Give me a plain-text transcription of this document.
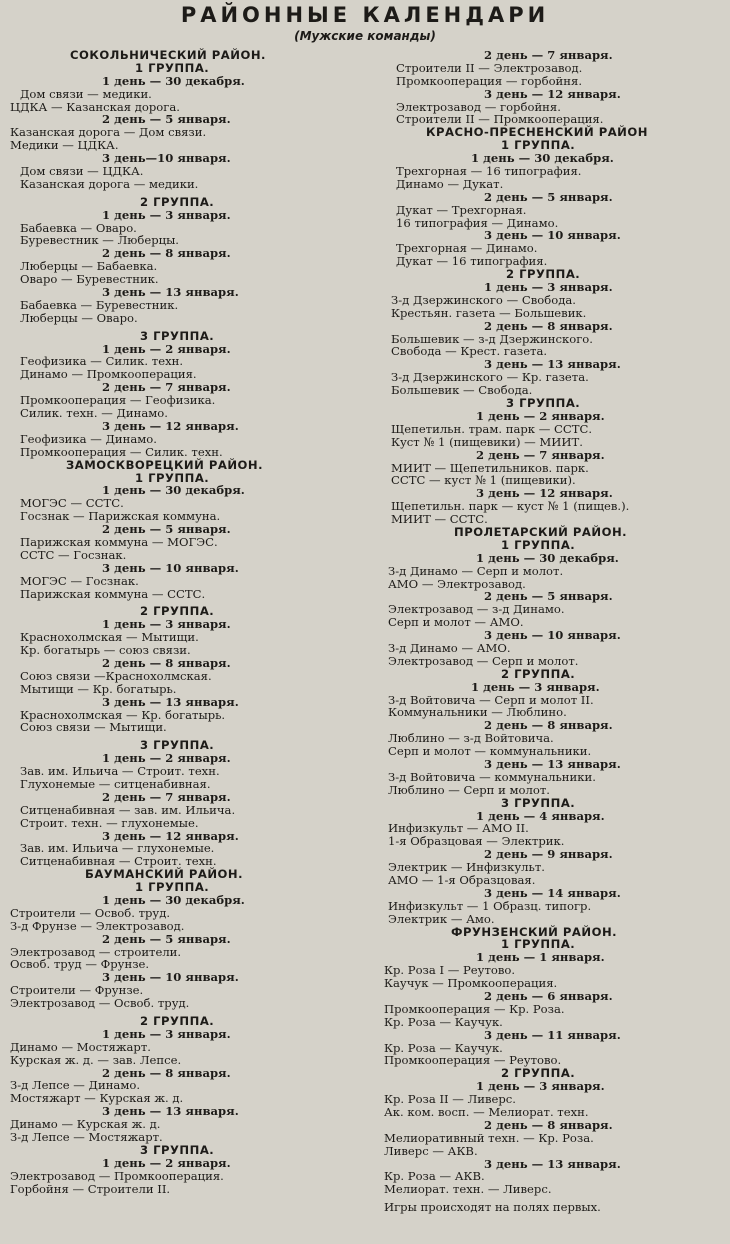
РАЙОННЫЕ КАЛЕНДАРИ
(Мужские команды)
СОКОЛЬНИЧЕСКИЙ РАЙОН.
1 ГРУППА.
1 день — 30 декабря.
Дом связи — медики.
ЦДКА — Казанская дорога.
2 день — 5 января.
Казанская дорога — Дом связи.
Медики — ЦДКА.
3 день—10 января.
Дом связи — ЦДКА.
Казанская дорога — медики.
2 ГРУППА.
1 день — 3 января.
Бабаевка — Оваро.
Буревестник — Люберцы.
2 день — 8 января.
Люберцы — Бабаевка.
Оваро — Буревестник.
3 день — 13 января.
Бабаевка — Буревестник.
Люберцы — Оваро.
3 ГРУППА.
1 день — 2 января.
Геофизика — Силик. техн.
Динамо — Промкооперация.
2 день — 7 января.
Промкооперация — Геофизика.
Силик. техн. — Динамо.
3 день — 12 января.
Геофизика — Динамо.
Промкооперация — Силик. техн.
ЗАМОСКВОРЕЦКИЙ РАЙОН.
1 ГРУППА.
1 день — 30 декабря.
МОГЭС — ССТС.
Госзнак — Парижская коммуна.
2 день — 5 января.
Парижская коммуна — МОГЭС.
ССТС — Госзнак.
3 день — 10 января.
МОГЭС — Госзнак.
Парижская коммуна — ССТС.
2 ГРУППА.
1 день — 3 января.
Краснохолмская — Мытищи.
Кр. богатырь — союз связи.
2 день — 8 января.
Союз связи —Краснохолмская.
Мытищи — Кр. богатырь.
3 день — 13 января.
Краснохолмская — Кр. богатырь.
Союз связи — Мытищи.
3 ГРУППА.
1 день — 2 января.
Зав. им. Ильича — Строит. техн.
Глухонемые — ситценабивная.
2 день — 7 января.
Ситценабивная — зав. им. Ильича.
Строит. техн. — глухонемые.
3 день — 12 января.
Зав. им. Ильича — глухонемые.
Ситценабивная — Строит. техн.
БАУМАНСКИЙ РАЙОН.
1 ГРУППА.
1 день — 30 декабря.
Строители — Освоб. труд.
З-д Фрунзе — Электрозавод.
2 день — 5 января.
Электрозавод — строители.
Освоб. труд — Фрунзе.
3 день — 10 января.
Строители — Фрунзе.
Электрозавод — Освоб. труд.
2 ГРУППА.
1 день — 3 января.
Динамо — Мостяжарт.
Курская ж. д. — зав. Лепсе.
2 день — 8 января.
З-д Лепсе — Динамо.
Мостяжарт — Курская ж. д.
3 день — 13 января.
Динамо — Курская ж. д.
З-д Лепсе — Мостяжарт.
3 ГРУППА.
1 день — 2 января.
Электрозавод — Промкооперация.
Горбойня — Строители II.
2 день — 7 января.
Строители II — Электрозавод.
Промкооперация — горбойня.
3 день — 12 января.
Электрозавод — горбойня.
Строители II — Промкооперация.
КРАСНО-ПРЕСНЕНСКИЙ РАЙОН
1 ГРУППА.
1 день — 30 декабря.
Трехгорная — 16 типография.
Динамо — Дукат.
2 день — 5 января.
Дукат — Трехгорная.
16 типография — Динамо.
3 день — 10 января.
Трехгорная — Динамо.
Дукат — 16 типография.
2 ГРУППА.
1 день — 3 января.
З-д Дзержинского — Свобода.
Крестьян. газета — Большевик.
2 день — 8 января.
Большевик — з-д Дзержинского.
Свобода — Крест. газета.
3 день — 13 января.
З-д Дзержинского — Кр. газета.
Большевик — Свобода.
3 ГРУППА.
1 день — 2 января.
Щепетильн. трам. парк — ССТС.
Куст № 1 (пищевики) — МИИТ.
2 день — 7 января.
МИИТ — Щепетильников. парк.
ССТС — куст № 1 (пищевики).
3 день — 12 января.
Щепетильн. парк — куст № 1 (пищев.).
МИИТ — ССТС.
ПРОЛЕТАРСКИЙ РАЙОН.
1 ГРУППА.
1 день — 30 декабря.
З-д Динамо — Серп и молот.
АМО — Электрозавод.
2 день — 5 января.
Электрозавод — з-д Динамо.
Серп и молот — АМО.
3 день — 10 января.
З-д Динамо — АМО.
Электрозавод — Серп и молот.
2 ГРУППА.
1 день — 3 января.
З-д Войтовича — Серп и молот II.
Коммунальники — Люблино.
2 день — 8 января.
Люблино — з-д Войтовича.
Серп и молот — коммунальники.
3 день — 13 января.
З-д Войтовича — коммунальники.
Люблино — Серп и молот.
3 ГРУППА.
1 день — 4 января.
Инфизкульт — АМО II.
1-я Образцовая — Электрик.
2 день — 9 января.
Электрик — Инфизкульт.
АМО — 1-я Образцовая.
3 день — 14 января.
Инфизкульт — 1 Образц. типогр.
Электрик — Амо.
ФРУНЗЕНСКИЙ РАЙОН.
1 ГРУППА.
1 день — 1 января.
Кр. Роза I — Реутово.
Каучук — Промкооперация.
2 день — 6 января.
Промкооперация — Кр. Роза.
Кр. Роза — Каучук.
3 день — 11 января.
Кр. Роза — Каучук.
Промкооперация — Реутово.
2 ГРУППА.
1 день — 3 января.
Кр. Роза II — Ливерс.
Ак. ком. восп. — Мелиорат. техн.
2 день — 8 января.
Мелиоративный техн. — Кр. Роза.
Ливерс — АКВ.
3 день — 13 января.
Кр. Роза — АКВ.
Мелиорат. техн. — Ливерс.
Игры происходят на полях первых.
